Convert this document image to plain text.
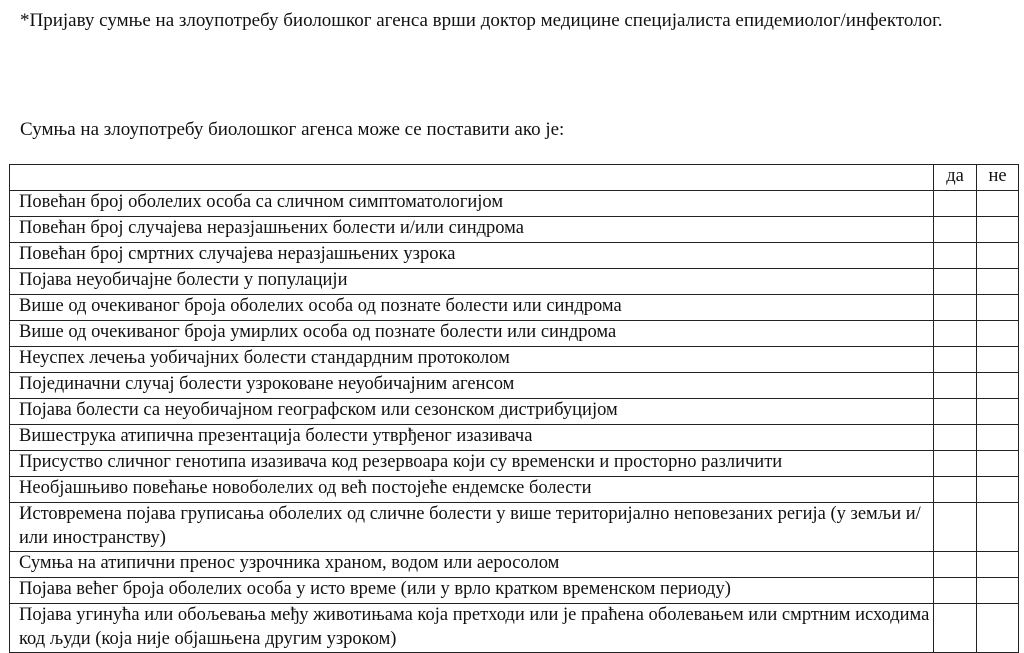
*Пријаву сумње на злоупотребу биолошког агенса врши доктор медицине специјалиста епидемиолог/инфектолог.
Сумња на злоупотребу биолошког агенса може се поставити ако је:
	да	не
Повећан број оболелих особа са сличном симптоматологијом		
Повећан број случајева неразјашњених болести и/или синдрома		
Повећан број смртних случајева неразјашњених узрока		
Појава неуобичајне болести у популацији		
Више од очекиваног броја оболелих особа од познате болести или синдрома		
Више од очекиваног броја умирлих особа од познате болести или синдрома		
Неуспех лечења уобичајних болести стандардним протоколом		
Појединачни случај болести узроковане неуобичајним агенсом		
Појава болести са неуобичајном географском или сезонском дистрибуцијом		
Вишеструка атипична презентација болести утврђеног изазивача		
Присуство сличног генотипа изазивача код резервоара који су временски и просторно различити		
Необјашњиво повећање новоболелих од већ постојеће ендемске болести		
Истовремена појава груписања оболелих од сличне болести у више територијално неповезаних регија (у земљи и/или иностранству)		
Сумња на атипични пренос узрочника храном, водом или аеросолом		
Појава већег броја оболелих особа у исто време (или у врло кратком временском периоду)		
Појава угинућа или обољевања међу животињама која претходи или је праћена оболевањем или смртним исходима код људи (која није објашњена другим узроком)		
